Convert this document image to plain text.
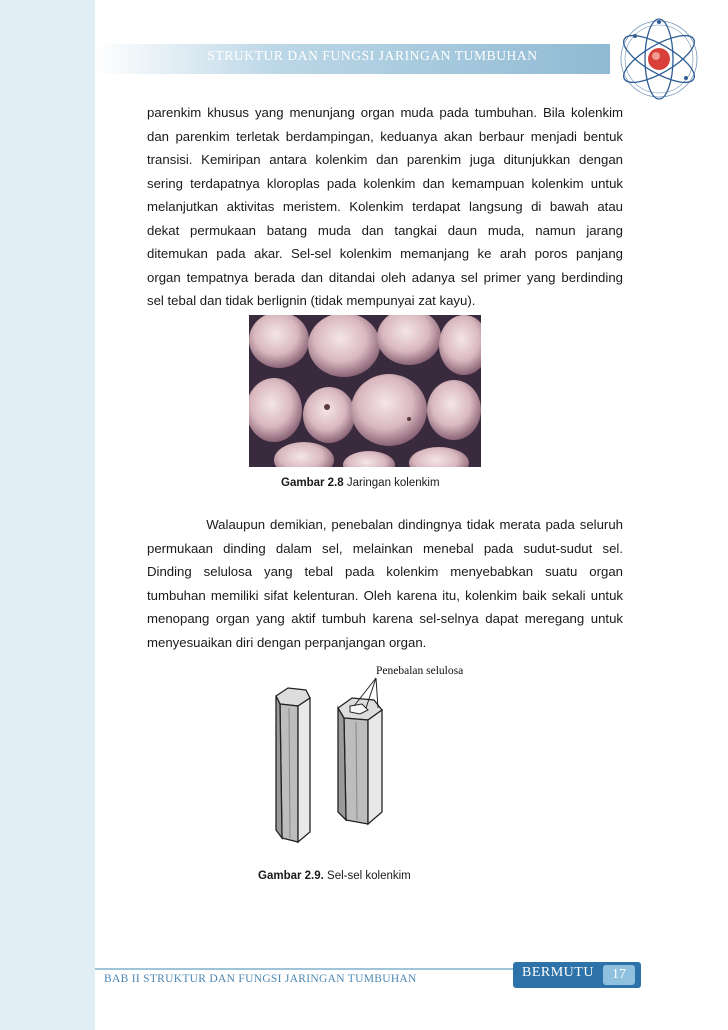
STRUKTUR DAN FUNGSI JARINGAN TUMBUHAN
parenkim khusus yang menunjang organ muda pada tumbuhan. Bila kolenkim
dan parenkim terletak berdampingan, keduanya akan berbaur menjadi bentuk
transisi. Kemiripan antara kolenkim dan parenkim juga ditunjukkan dengan
sering terdapatnya kloroplas pada kolenkim dan kemampuan kolenkim untuk
melanjutkan aktivitas meristem. Kolenkim terdapat langsung di bawah atau
dekat permukaan batang muda dan tangkai daun muda, namun jarang
ditemukan pada akar. Sel-sel kolenkim memanjang ke arah poros panjang
organ tempatnya berada dan ditandai oleh adanya sel primer yang berdinding
sel tebal dan tidak berlignin (tidak mempunyai zat kayu).
Gambar 2.8 Jaringan kolenkim
Walaupun demikian, penebalan dindingnya tidak merata pada seluruh
permukaan dinding dalam sel, melainkan menebal pada sudut-sudut sel.
Dinding selulosa yang tebal pada kolenkim menyebabkan suatu organ
tumbuhan memiliki sifat kelenturan. Oleh karena itu, kolenkim baik sekali untuk
menopang organ yang aktif tumbuh karena sel-selnya dapat meregang untuk
menyesuaikan diri dengan perpanjangan organ.
Penebalan selulosa
Gambar 2.9. Sel-sel kolenkim
BAB II STRUKTUR DAN FUNGSI JARINGAN TUMBUHAN	BERMUTU	17
